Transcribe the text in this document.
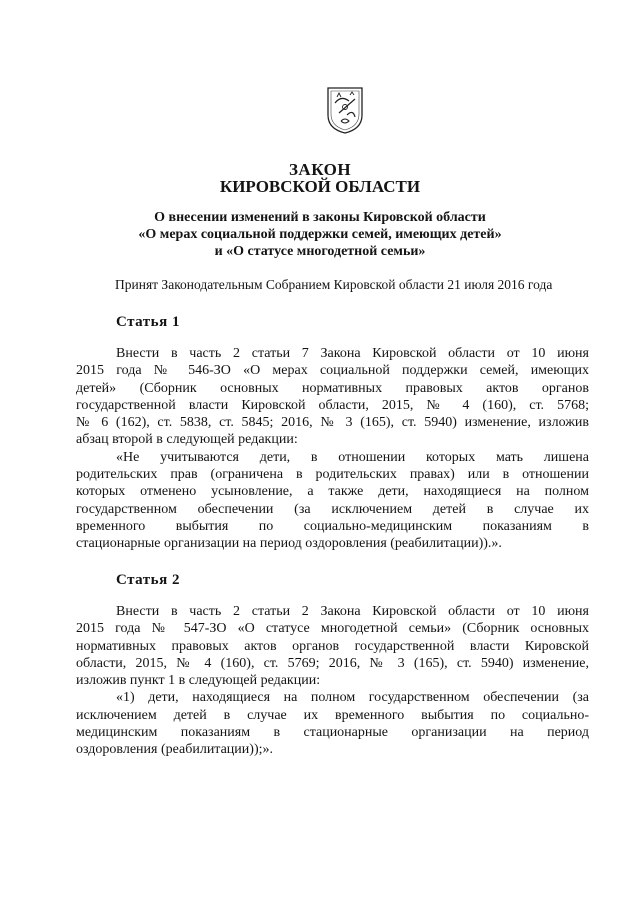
ЗАКОН
КИРОВСКОЙ ОБЛАСТИ
О внесении изменений в законы Кировской области
«О мерах социальной поддержки семей, имеющих детей»
и «О статусе многодетной семьи»
Принят Законодательным Собранием Кировской области 21 июля 2016 года
Статья 1
Внести в часть 2 статьи 7 Закона Кировской области от 10 июня
2015 года № 546-ЗО «О мерах социальной поддержки семей, имеющих
детей» (Сборник основных нормативных правовых актов органов
государственной власти Кировской области, 2015, № 4 (160), ст. 5768;
№ 6 (162), ст. 5838, ст. 5845; 2016, № 3 (165), ст. 5940) изменение, изложив
абзац второй в следующей редакции:
«Не учитываются дети, в отношении которых мать лишена
родительских прав (ограничена в родительских правах) или в отношении
которых отменено усыновление, а также дети, находящиеся на полном
государственном обеспечении (за исключением детей в случае их
временного выбытия по социально-медицинским показаниям в
стационарные организации на период оздоровления (реабилитации)).».
Статья 2
Внести в часть 2 статьи 2 Закона Кировской области от 10 июня
2015 года № 547-ЗО «О статусе многодетной семьи» (Сборник основных
нормативных правовых актов органов государственной власти Кировской
области, 2015, № 4 (160), ст. 5769; 2016, № 3 (165), ст. 5940) изменение,
изложив пункт 1 в следующей редакции:
«1) дети, находящиеся на полном государственном обеспечении (за
исключением детей в случае их временного выбытия по социально-
медицинским показаниям в стационарные организации на период
оздоровления (реабилитации));».
